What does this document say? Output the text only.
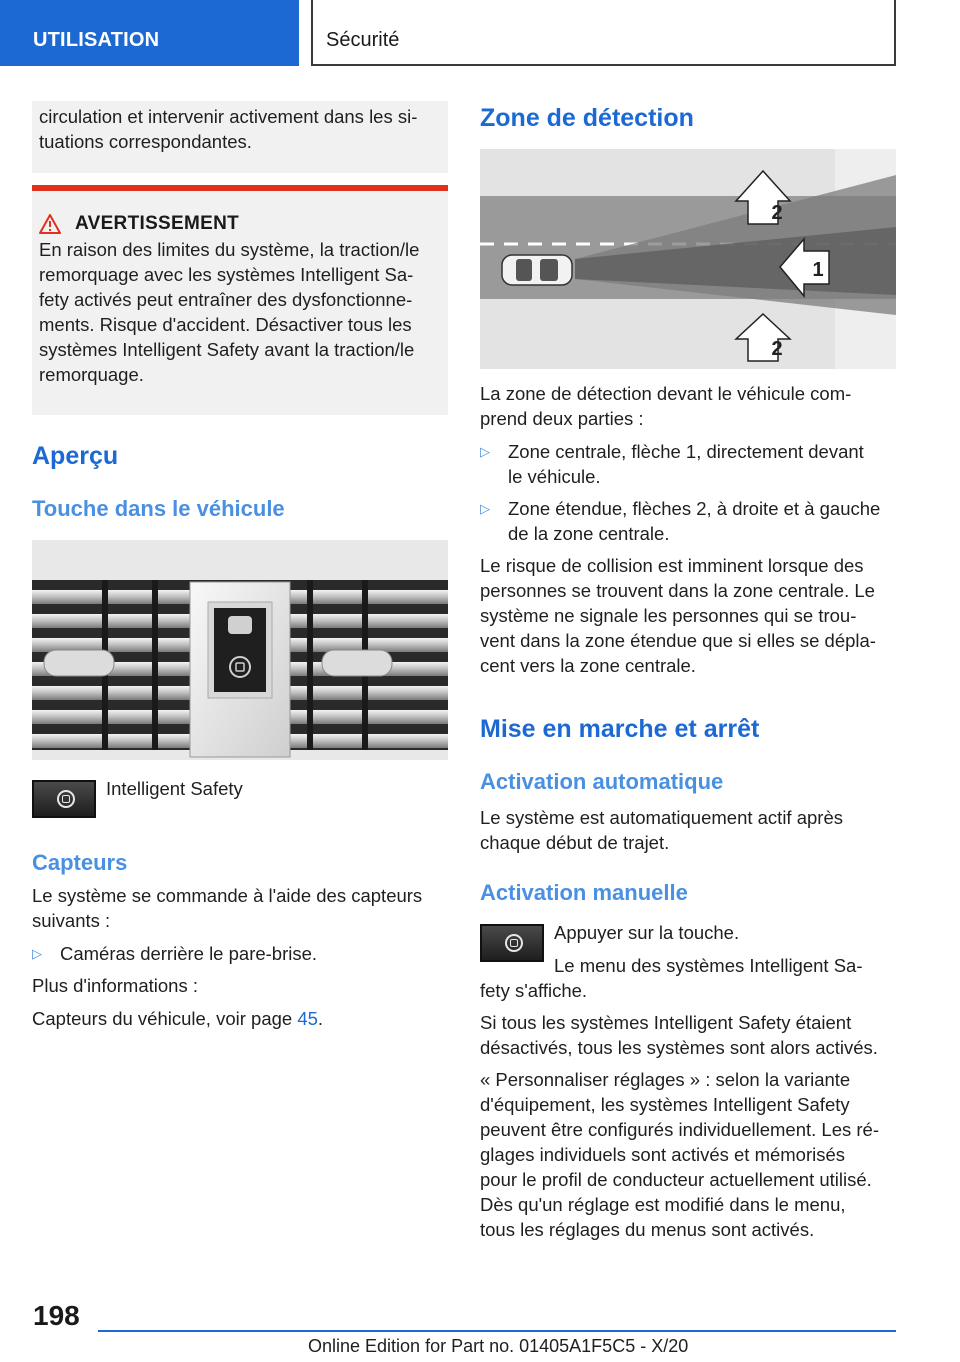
UTILISATION	Sécurité

circulation et intervenir activement dans les si- tuations correspondantes.

AVERTISSEMENT

En raison des limites du système, la traction/le

remorquage avec les systèmes Intelligent Sa-

fety activés peut entraîner des dysfonctionne-

ments. Risque d'accident. Désactiver tous les

systèmes Intelligent Safety avant la traction/le

remorquage.

Aperçu
Touche dans le véhicule

Intelligent Safety

Capteurs

Le système se commande à l'aide des capteurs

suivants :

▷ Caméras derrière le pare-brise.

Plus d'informations :

Capteurs du véhicule, voir page 45.

Zone de détection
2
1
2

La zone de détection devant le véhicule com-

prend deux parties :

▷ Zone centrale, flèche 1, directement devant
le véhicule.
▷ Zone étendue, flèches 2, à droite et à gauche
de la zone centrale.

Le risque de collision est imminent lorsque des

personnes se trouvent dans la zone centrale. Le

système ne signale les personnes qui se trou-

vent dans la zone étendue que si elles se dépla-

cent vers la zone centrale.

Mise en marche et arrêt
Activation automatique

Le système est automatiquement actif après

chaque début de trajet.

Activation manuelle

Appuyer sur la touche.

Le menu des systèmes Intelligent Sa-

fety s'affiche.

Si tous les systèmes Intelligent Safety étaient

désactivés, tous les systèmes sont alors activés.

« Personnaliser réglages » : selon la variante

d'équipement, les systèmes Intelligent Safety

peuvent être configurés individuellement. Les ré-

glages individuels sont activés et mémorisés

pour le profil de conducteur actuellement utilisé.

Dès qu'un réglage est modifié dans le menu,

tous les réglages du menus sont activés.

198
Online Edition for Part no. 01405A1F5C5 - X/20
